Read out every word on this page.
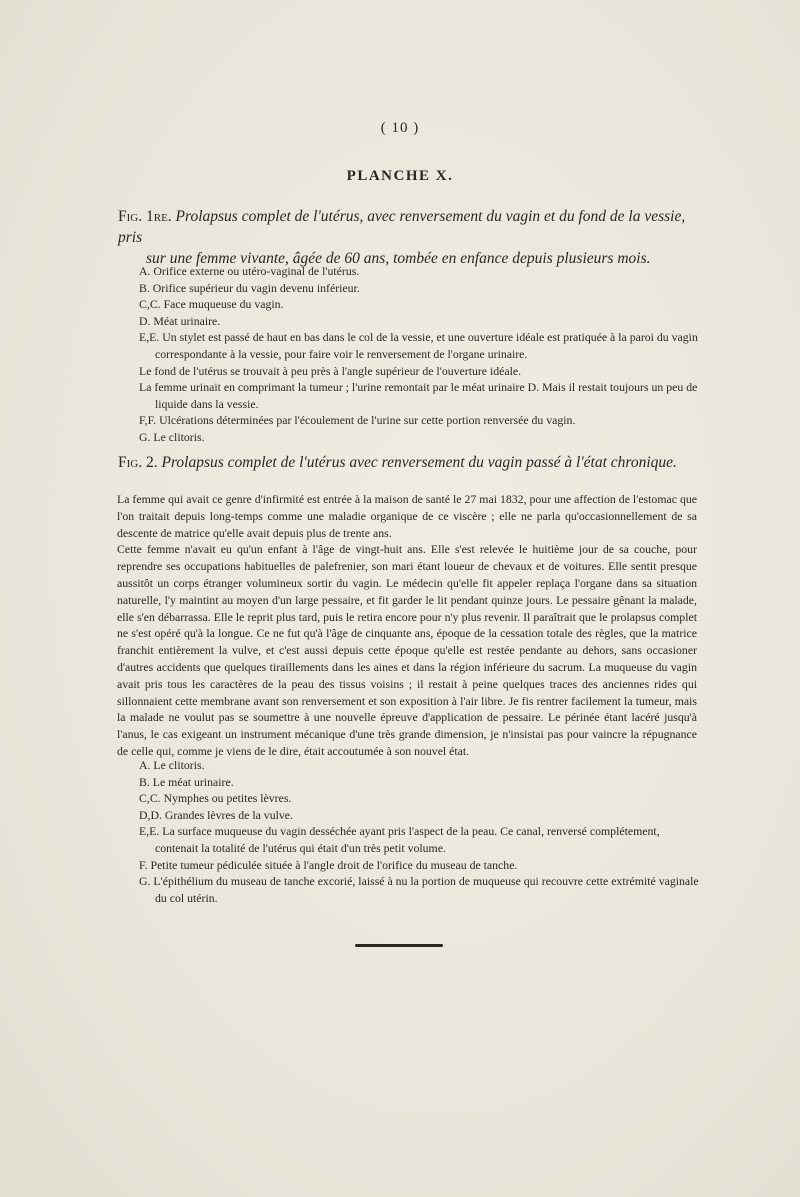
( 10 )
PLANCHE X.
Fig. 1re. Prolapsus complet de l'utérus, avec renversement du vagin et du fond de la vessie, pris
sur une femme vivante, âgée de 60 ans, tombée en enfance depuis plusieurs mois.

A. Orifice externe ou utéro-vaginal de l'utérus.

B. Orifice supérieur du vagin devenu inférieur.

C,C. Face muqueuse du vagin.

D. Méat urinaire.

E,E. Un stylet est passé de haut en bas dans le col de la vessie, et une ouverture idéale est pratiquée à la paroi du vagin correspondante à la vessie, pour faire voir le renversement de l'organe urinaire.

Le fond de l'utérus se trouvait à peu près à l'angle supérieur de l'ouverture idéale.

La femme urinait en comprimant la tumeur ; l'urine remontait par le méat urinaire D. Mais il restait toujours un peu de liquide dans la vessie.

F,F. Ulcérations déterminées par l'écoulement de l'urine sur cette portion renversée du vagin.

G. Le clitoris.

Fig. 2. Prolapsus complet de l'utérus avec renversement du vagin passé à l'état chronique.

La femme qui avait ce genre d'infirmité est entrée à la maison de santé le 27 mai 1832, pour une affection de l'estomac que l'on traitait depuis long-temps comme une maladie organique de ce viscère ; elle ne parla qu'occasionnellement de sa descente de matrice qu'elle avait depuis plus de trente ans.

Cette femme n'avait eu qu'un enfant à l'âge de vingt-huit ans. Elle s'est relevée le huitième jour de sa couche, pour reprendre ses occupations habituelles de palefrenier, son mari étant loueur de chevaux et de voitures. Elle sentit presque aussitôt un corps étranger volumineux sortir du vagin. Le médecin qu'elle fit appeler replaça l'organe dans sa situation naturelle, l'y maintint au moyen d'un large pessaire, et fit garder le lit pendant quinze jours. Le pessaire gênant la malade, elle s'en débarrassa. Elle le reprit plus tard, puis le retira encore pour n'y plus revenir. Il paraîtrait que le prolapsus complet ne s'est opéré qu'à la longue. Ce ne fut qu'à l'âge de cinquante ans, époque de la cessation totale des règles, que la matrice franchit entièrement la vulve, et c'est aussi depuis cette époque qu'elle est restée pendante au dehors, sans occasioner d'autres accidents que quelques tiraillements dans les aines et dans la région inférieure du sacrum. La muqueuse du vagin avait pris tous les caractères de la peau des tissus voisins ; il restait à peine quelques traces des anciennes rides qui sillonnaient cette membrane avant son renversement et son exposition à l'air libre. Je fis rentrer facilement la tumeur, mais la malade ne voulut pas se soumettre à une nouvelle épreuve d'application de pessaire. Le périnée étant lacéré jusqu'à l'anus, le cas exigeant un instrument mécanique d'une très grande dimension, je n'insistai pas pour vaincre la répugnance de celle qui, comme je viens de le dire, était accoutumée à son nouvel état.

A. Le clitoris.

B. Le méat urinaire.

C,C. Nymphes ou petites lèvres.

D,D. Grandes lèvres de la vulve.

E,E. La surface muqueuse du vagin desséchée ayant pris l'aspect de la peau. Ce canal, renversé complétement, contenait la totalité de l'utérus qui était d'un très petit volume.

F. Petite tumeur pédiculée située à l'angle droit de l'orifice du museau de tanche.

G. L'épithélium du museau de tanche excorié, laissé à nu la portion de muqueuse qui recouvre cette extrémité vaginale du col utérin.
